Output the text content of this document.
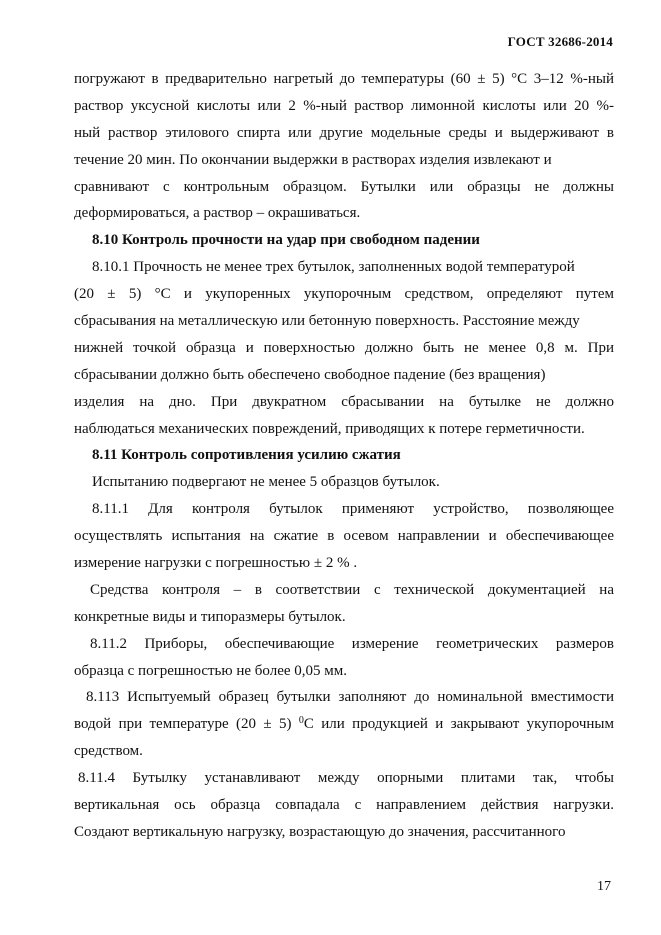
ГОСТ 32686-2014
погружают в предварительно нагретый до температуры (60 ± 5) °С 3–12 %-ный
раствор уксусной кислоты или 2 %-ный раствор лимонной кислоты или 20 %-
ный раствор этилового спирта или другие модельные среды и выдерживают в
течение 20 мин. По окончании выдержки в растворах изделия извлекают и
сравнивают с контрольным образцом. Бутылки или образцы не должны
деформироваться, а раствор – окрашиваться.
8.10 Контроль прочности на удар при свободном падении
8.10.1 Прочность не менее трех бутылок, заполненных водой температурой
(20 ± 5) °С и укупоренных укупорочным средством, определяют путем
сбрасывания на металлическую или бетонную поверхность. Расстояние между
нижней точкой образца и поверхностью должно быть не менее 0,8 м. При
сбрасывании должно быть обеспечено свободное падение (без вращения)
изделия на дно. При двукратном сбрасывании на бутылке не должно
наблюдаться механических повреждений, приводящих к потере герметичности.
8.11 Контроль сопротивления усилию сжатия
Испытанию подвергают не менее 5 образцов бутылок.
8.11.1 Для контроля бутылок применяют устройство, позволяющее
осуществлять испытания на сжатие в осевом направлении и обеспечивающее
измерение нагрузки с погрешностью ± 2 % .
Средства контроля – в соответствии с технической документацией на
конкретные виды и типоразмеры бутылок.
8.11.2 Приборы, обеспечивающие измерение геометрических размеров
образца с погрешностью не более 0,05 мм.
8.113 Испытуемый образец бутылки заполняют до номинальной вместимости
водой при температуре (20 ± 5) $^0$С или продукцией и закрывают укупорочным
средством.
8.11.4 Бутылку устанавливают между опорными плитами так, чтобы
вертикальная ось образца совпадала с направлением действия нагрузки.
Создают вертикальную нагрузку, возрастающую до значения, рассчитанного
17
